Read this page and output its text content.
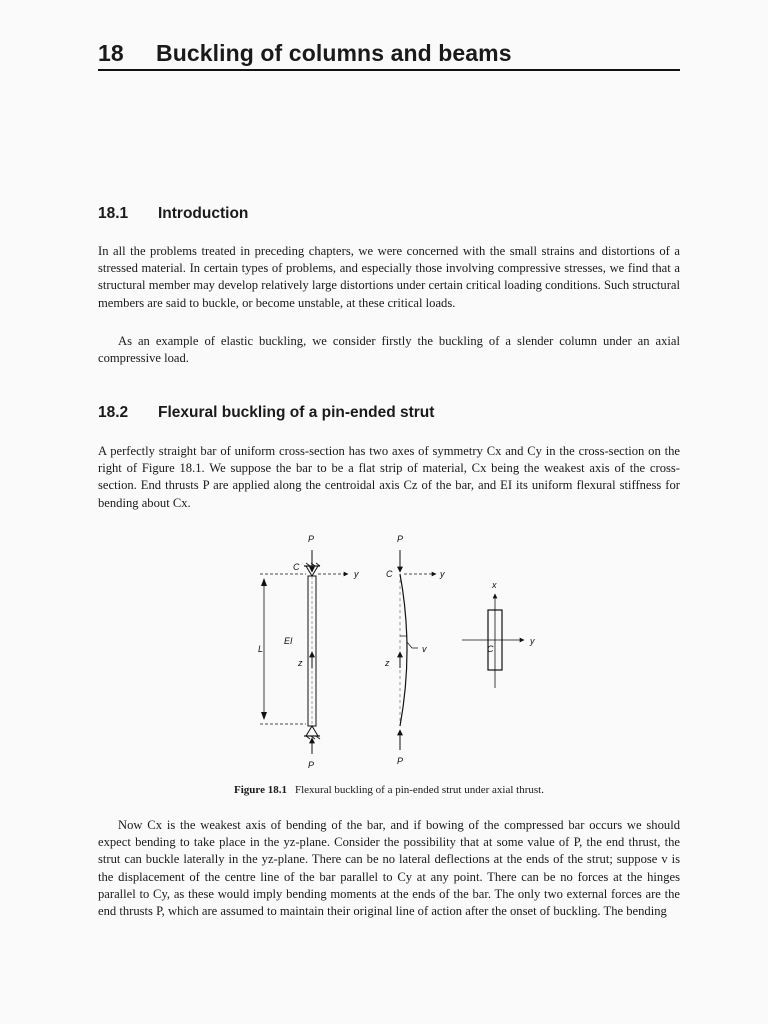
18 Buckling of columns and beams
18.1 Introduction

In all the problems treated in preceding chapters, we were concerned with the small strains and distortions of a stressed material. In certain types of problems, and especially those involving compressive stresses, we find that a structural member may develop relatively large distortions under certain critical loading conditions. Such structural members are said to buckle, or become unstable, at these critical loads.

As an example of elastic buckling, we consider firstly the buckling of a slender column under an axial compressive load.

18.2 Flexural buckling of a pin-ended strut

A perfectly straight bar of uniform cross-section has two axes of symmetry Cx and Cy in the cross-section on the right of Figure 18.1. We suppose the bar to be a flat strip of material, Cx being the weakest axis of the cross-section. End thrusts P are applied along the centroidal axis Cz of the bar, and EI its uniform flexural stiffness for bending about Cx.

P
C
y
L
EI
z
P
P
C	y
v
z
P
x
y
C
Figure 18.1 Flexural buckling of a pin-ended strut under axial thrust.

Now Cx is the weakest axis of bending of the bar, and if bowing of the compressed bar occurs we should expect bending to take place in the yz-plane. Consider the possibility that at some value of P, the end thrust, the strut can buckle laterally in the yz-plane. There can be no lateral deflections at the ends of the strut; suppose v is the displacement of the centre line of the bar parallel to Cy at any point. There can be no forces at the hinges parallel to Cy, as these would imply bending moments at the ends of the bar. The only two external forces are the end thrusts P, which are assumed to maintain their original line of action after the onset of buckling. The bending
